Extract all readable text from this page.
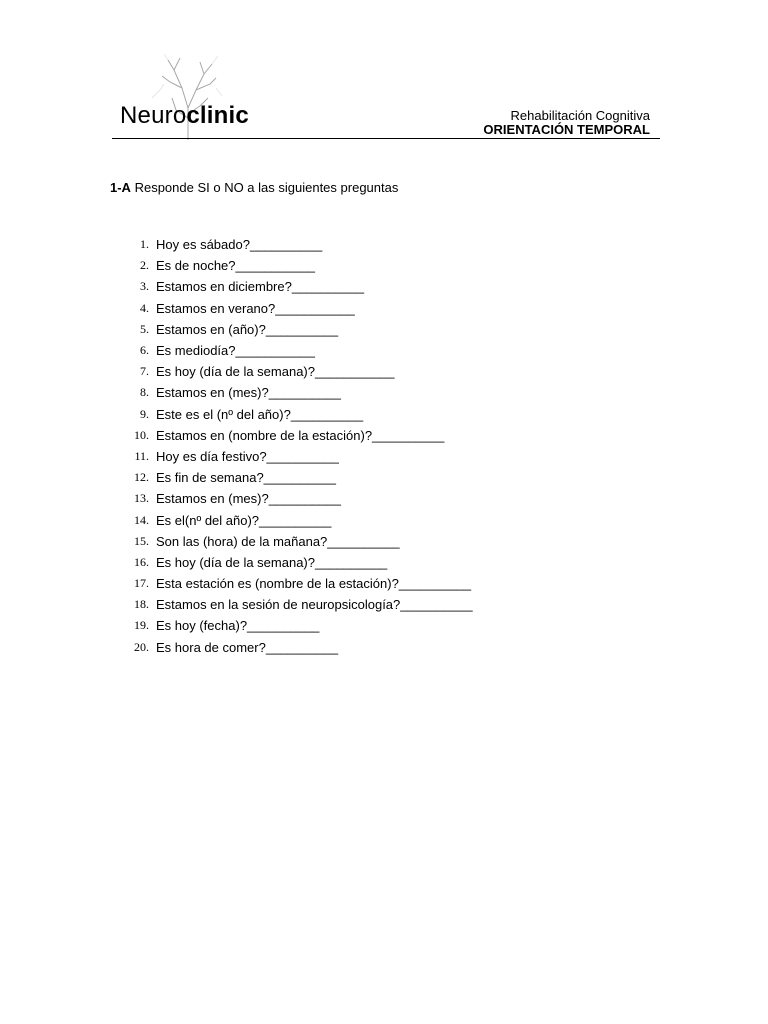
Neuroclinic	Rehabilitación Cognitiva
ORIENTACIÓN TEMPORAL
1-A Responde SI o NO a las siguientes preguntas
1. Hoy es sábado?__________
2. Es de noche?___________
3. Estamos en diciembre?__________
4. Estamos en verano?___________
5. Estamos en (año)?__________
6. Es mediodía?___________
7. Es hoy (día de la semana)?___________
8. Estamos en (mes)?__________
9. Este es el (nº del año)?__________
10. Estamos en (nombre de la estación)?__________
11. Hoy es día festivo?__________
12. Es fin de semana?__________
13. Estamos en (mes)?__________
14. Es el(nº del año)?__________
15. Son las (hora) de la mañana?__________
16. Es hoy (día de la semana)?__________
17. Esta estación es (nombre de la estación)?__________
18. Estamos en la sesión de neuropsicología?__________
19. Es hoy (fecha)?__________
20. Es hora de comer?__________
